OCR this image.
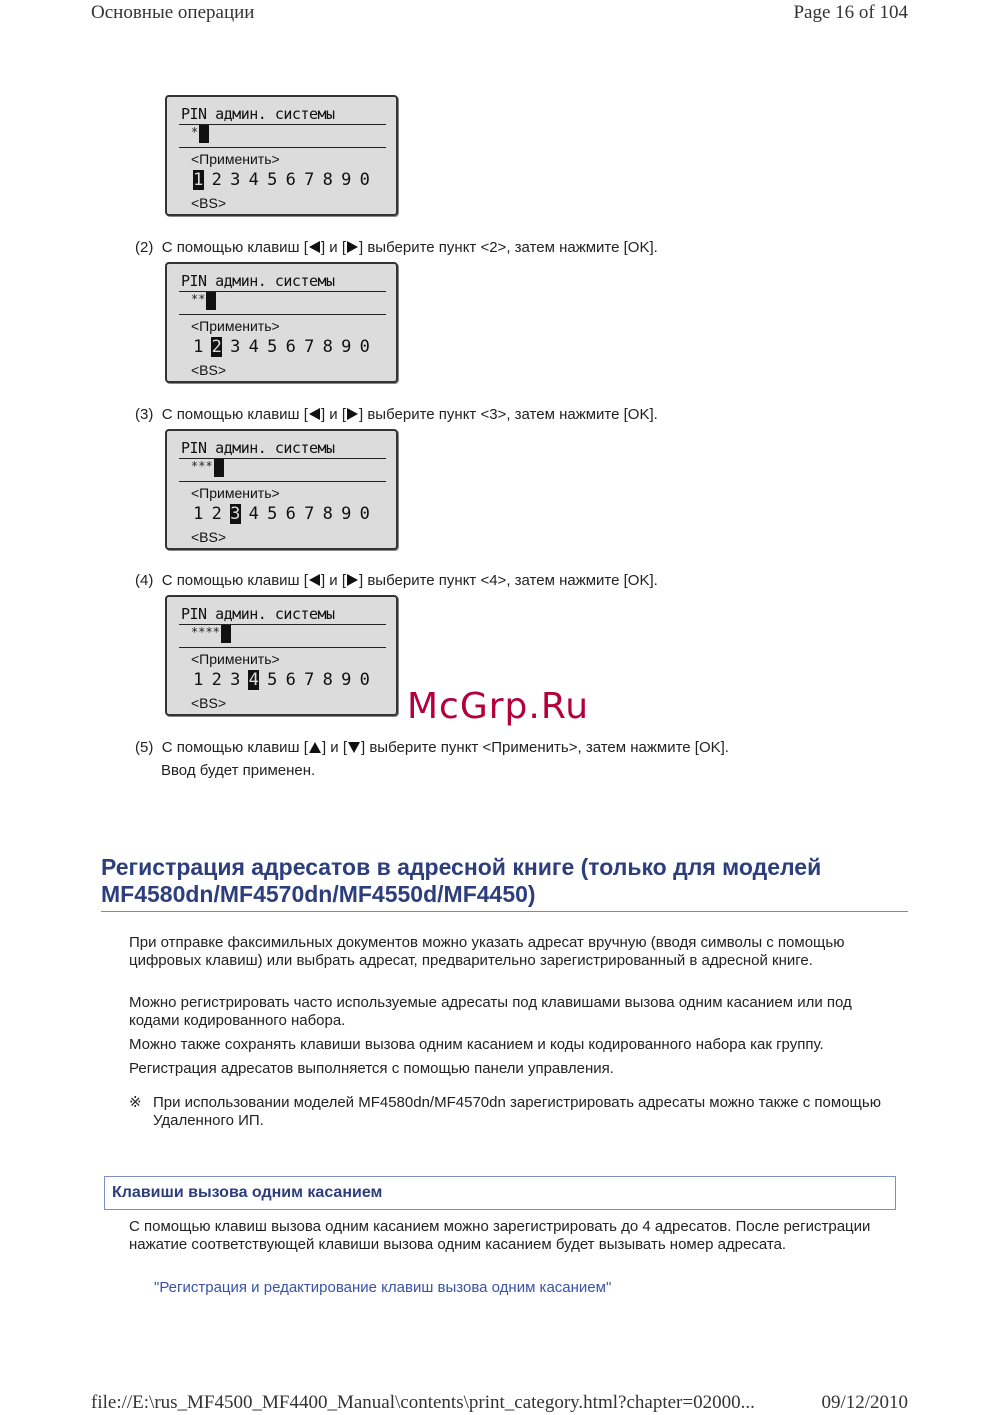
Основные операции	Page 16 of 104
PIN админ. системы
*
<Применить>
1 2 3 4 5 6 7 8 9 0
<BS>
(2) С помощью клавиш [ ] и [ ] выберите пункт <2>, затем нажмите [OK].
PIN админ. системы
**
<Применить>
1 2 3 4 5 6 7 8 9 0
<BS>
(3) С помощью клавиш [ ] и [ ] выберите пункт <3>, затем нажмите [OK].
PIN админ. системы
***
<Применить>
1 2 3 4 5 6 7 8 9 0
<BS>
(4) С помощью клавиш [ ] и [ ] выберите пункт <4>, затем нажмите [OK].
PIN админ. системы
****
<Применить>
1 2 3 4 5 6 7 8 9 0
<BS>	McGrp.Ru
(5) С помощью клавиш [ ] и [ ] выберите пункт <Применить>, затем нажмите [OK].
Ввод будет применен.
Регистрация адресатов в адресной книге (только для моделей MF4580dn/MF4570dn/MF4550d/MF4450)
При отправке факсимильных документов можно указать адресат вручную (вводя символы с помощью цифровых клавиш) или выбрать адресат, предварительно зарегистрированный в адресной книге.
Можно регистрировать часто используемые адресаты под клавишами вызова одним касанием или под кодами кодированного набора.
Можно также сохранять клавиши вызова одним касанием и коды кодированного набора как группу.
Регистрация адресатов выполняется с помощью панели управления.
※ При использовании моделей MF4580dn/MF4570dn зарегистрировать адресаты можно также с помощью Удаленного ИП.
Клавиши вызова одним касанием
С помощью клавиш вызова одним касанием можно зарегистрировать до 4 адресатов. После регистрации нажатие соответствующей клавиши вызова одним касанием будет вызывать номер адресата.
"Регистрация и редактирование клавиш вызова одним касанием"
file://E:\rus_MF4500_MF4400_Manual\contents\print_category.html?chapter=02000...	09/12/2010
